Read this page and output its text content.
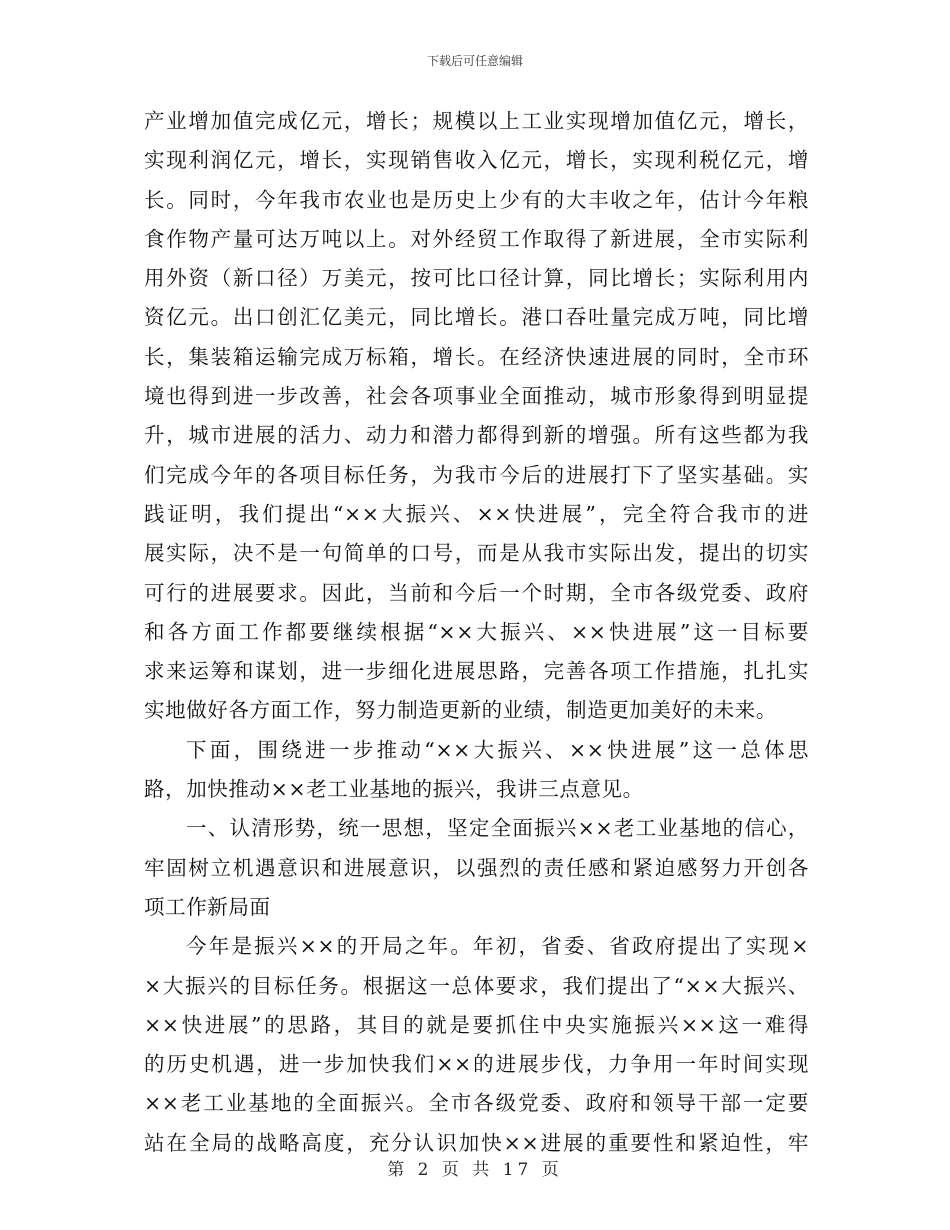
下载后可任意编辑
产业增加值完成亿元，增长；规模以上工业实现增加值亿元，增长，
实现利润亿元，增长，实现销售收入亿元，增长，实现利税亿元，增
长。同时，今年我市农业也是历史上少有的大丰收之年，估计今年粮
食作物产量可达万吨以上。对外经贸工作取得了新进展，全市实际利
用外资（新口径）万美元，按可比口径计算，同比增长；实际利用内
资亿元。出口创汇亿美元，同比增长。港口吞吐量完成万吨，同比增
长，集装箱运输完成万标箱，增长。在经济快速进展的同时，全市环
境也得到进一步改善，社会各项事业全面推动，城市形象得到明显提
升，城市进展的活力、动力和潜力都得到新的增强。所有这些都为我
们完成今年的各项目标任务，为我市今后的进展打下了坚实基础。实
践证明，我们提出“××大振兴、××快进展”，完全符合我市的进
展实际，决不是一句简单的口号，而是从我市实际出发，提出的切实
可行的进展要求。因此，当前和今后一个时期，全市各级党委、政府
和各方面工作都要继续根据“××大振兴、××快进展”这一目标要
求来运筹和谋划，进一步细化进展思路，完善各项工作措施，扎扎实
实地做好各方面工作，努力制造更新的业绩，制造更加美好的未来。
下面，围绕进一步推动“××大振兴、××快进展”这一总体思
路，加快推动××老工业基地的振兴，我讲三点意见。
一、认清形势，统一思想，坚定全面振兴××老工业基地的信心，
牢固树立机遇意识和进展意识，以强烈的责任感和紧迫感努力开创各
项工作新局面
今年是振兴××的开局之年。年初，省委、省政府提出了实现×
×大振兴的目标任务。根据这一总体要求，我们提出了“××大振兴、
××快进展”的思路，其目的就是要抓住中央实施振兴××这一难得
的历史机遇，进一步加快我们××的进展步伐，力争用一年时间实现
××老工业基地的全面振兴。全市各级党委、政府和领导干部一定要
站在全局的战略高度，充分认识加快××进展的重要性和紧迫性，牢
第 2 页 共 17 页
